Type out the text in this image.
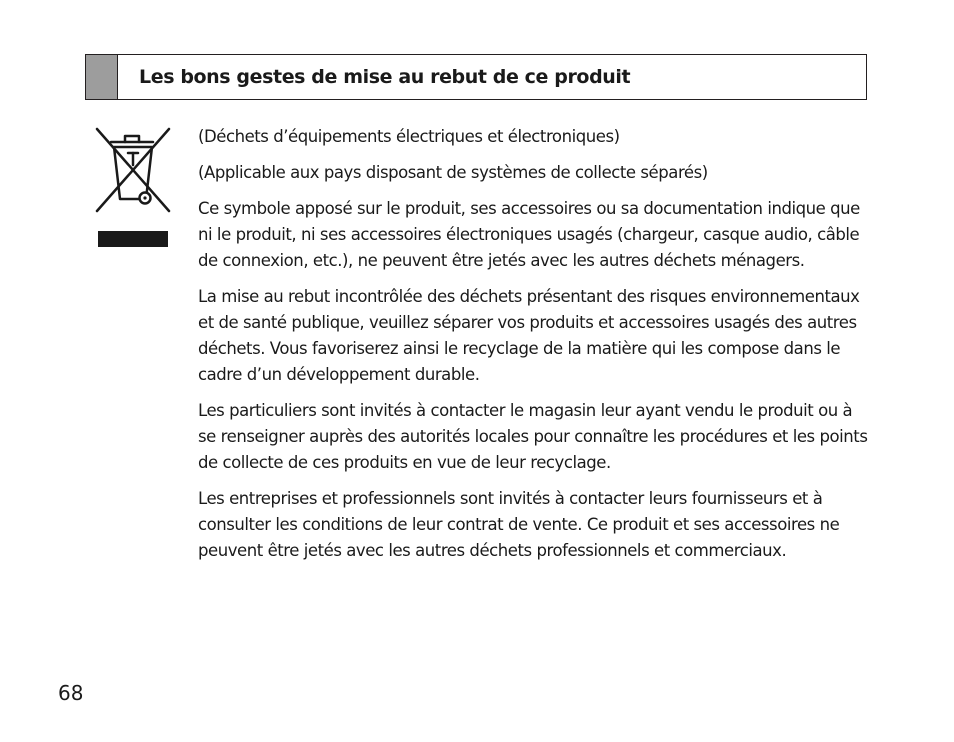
Les bons gestes de mise au rebut de ce produit

(Déchets d’équipements électriques et électroniques)

(Applicable aux pays disposant de systèmes de collecte séparés)

Ce symbole apposé sur le produit, ses accessoires ou sa documentation indique que ni le produit, ni ses accessoires électroniques usagés (chargeur, casque audio, câble de connexion, etc.), ne peuvent être jetés avec les autres déchets ménagers.

La mise au rebut incontrôlée des déchets présentant des risques environnementaux et de santé publique, veuillez séparer vos produits et accessoires usagés des autres déchets. Vous favoriserez ainsi le recyclage de la matière qui les compose dans le cadre d’un développement durable.

Les particuliers sont invités à contacter le magasin leur ayant vendu le produit ou à se renseigner auprès des autorités locales pour connaître les procédures et les points de collecte de ces produits en vue de leur recyclage.

Les entreprises et professionnels sont invités à contacter leurs fournisseurs et à consulter les conditions de leur contrat de vente. Ce produit et ses accessoires ne peuvent être jetés avec les autres déchets professionnels et commerciaux.

68
